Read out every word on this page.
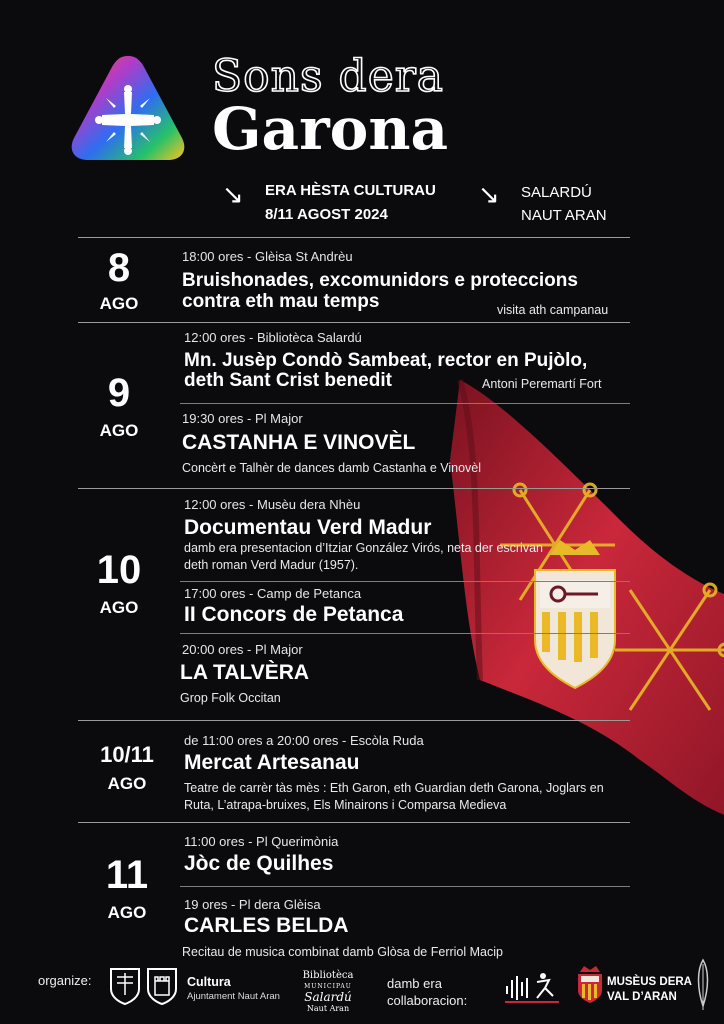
Sons dera
Garona
↘ ERA HÈSTA CULTURAU
8/11 AGOST 2024
↘ SALARDÚ
NAUT ARAN
8
AGO
18:00 ores - Glèisa St Andrèu
Bruishonades, excomunidors e proteccions
contra eth mau temps	visita ath campanau
9
AGO
12:00 ores - Bibliotèca Salardú
Mn. Jusèp Condò Sambeat, rector en Pujòlo,
deth Sant Crist benedit	Antoni Peremartí Fort
19:30 ores - Pl Major
CASTANHA E VINOVÈL
Concèrt e Talhèr de dances damb Castanha e Vinovèl
10
AGO
12:00 ores - Musèu dera Nhèu
Documentau Verd Madur
damb era presentacion d’Itziar González Virós, neta der escrivan
deth roman Verd Madur (1957).
17:00 ores - Camp de Petanca
II Concors de Petanca
20:00 ores - Pl Major
LA TALVÈRA
Grop Folk Occitan
10/11
AGO
de 11:00 ores a 20:00 ores - Escòla Ruda
Mercat Artesanau
Teatre de carrèr tàs mès : Eth Garon, eth Guardian deth Garona, Joglars en
Ruta, L’atrapa-bruixes, Els Minairons i Comparsa Medieva
11
AGO
11:00 ores - Pl Querimònia
Jòc de Quilhes
19 ores - Pl dera Glèisa
CARLES BELDA
Recitau de musica combinat damb Glòsa de Ferriol Macip
organize:	Cultura
Ajuntament Naut Aran
Bibliotèca
MUNICIPAU
Salardú
Naut Aran
damb era
collaboracion:
MUSÈUS DERA
VAL D’ARAN
